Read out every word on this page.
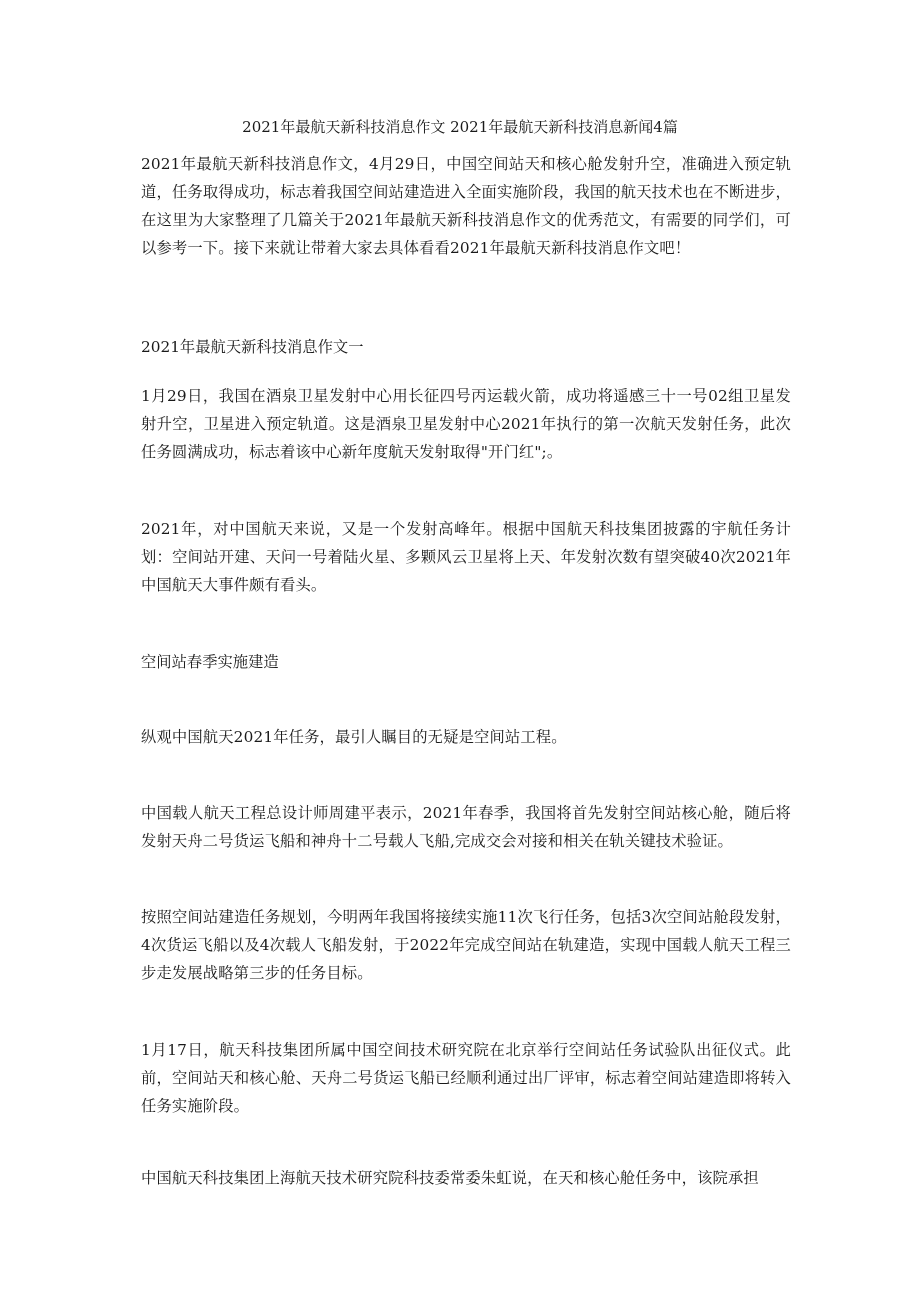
2021年最航天新科技消息作文 2021年最航天新科技消息新闻4篇

2021年最航天新科技消息作文，4月29日，中国空间站天和核心舱发射升空，准确进入预定轨道，任务取得成功，标志着我国空间站建造进入全面实施阶段，我国的航天技术也在不断进步，在这里为大家整理了几篇关于2021年最航天新科技消息作文的优秀范文，有需要的同学们，可以参考一下。接下来就让带着大家去具体看看2021年最航天新科技消息作文吧！

2021年最航天新科技消息作文一

1月29日，我国在酒泉卫星发射中心用长征四号丙运载火箭，成功将遥感三十一号02组卫星发射升空，卫星进入预定轨道。这是酒泉卫星发射中心2021年执行的第一次航天发射任务，此次任务圆满成功，标志着该中心新年度航天发射取得"开门红";。

2021年，对中国航天来说，又是一个发射高峰年。根据中国航天科技集团披露的宇航任务计划：空间站开建、天问一号着陆火星、多颗风云卫星将上天、年发射次数有望突破40次2021年中国航天大事件颇有看头。

空间站春季实施建造

纵观中国航天2021年任务，最引人瞩目的无疑是空间站工程。

中国载人航天工程总设计师周建平表示，2021年春季，我国将首先发射空间站核心舱，随后将发射天舟二号货运飞船和神舟十二号载人飞船,完成交会对接和相关在轨关键技术验证。

按照空间站建造任务规划，今明两年我国将接续实施11次飞行任务，包括3次空间站舱段发射，4次货运飞船以及4次载人飞船发射，于2022年完成空间站在轨建造，实现中国载人航天工程三步走发展战略第三步的任务目标。

1月17日，航天科技集团所属中国空间技术研究院在北京举行空间站任务试验队出征仪式。此前，空间站天和核心舱、天舟二号货运飞船已经顺利通过出厂评审，标志着空间站建造即将转入任务实施阶段。

中国航天科技集团上海航天技术研究院科技委常委朱虹说，在天和核心舱任务中，该院承担
